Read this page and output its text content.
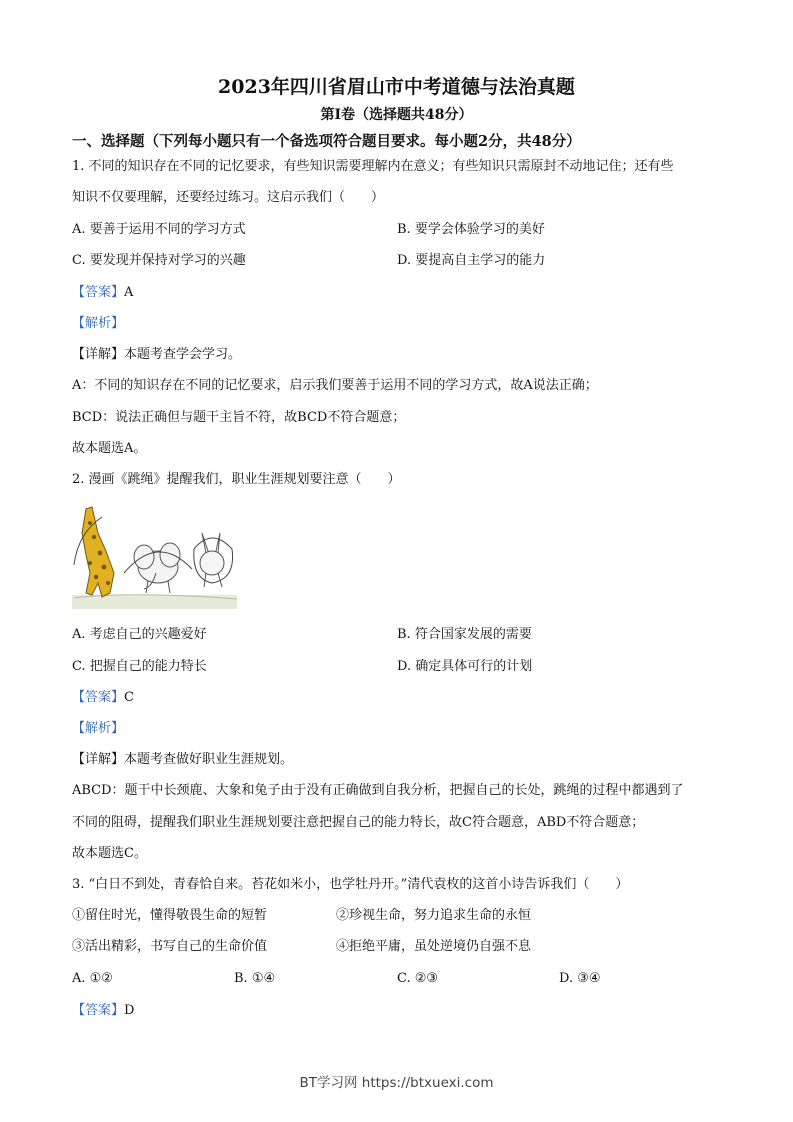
2023年四川省眉山市中考道德与法治真题
第I卷（选择题共48分）
一、选择题（下列每小题只有一个备选项符合题目要求。每小题2分，共48分）
1. 不同的知识存在不同的记忆要求，有些知识需要理解内在意义；有些知识只需原封不动地记住；还有些
知识不仅要理解，还要经过练习。这启示我们（　　）
A. 要善于运用不同的学习方式	B. 要学会体验学习的美好
C. 要发现并保持对学习的兴趣	D. 要提高自主学习的能力
【答案】A
【解析】
【详解】本题考查学会学习。
A：不同的知识存在不同的记忆要求，启示我们要善于运用不同的学习方式，故A说法正确；
BCD：说法正确但与题干主旨不符，故BCD不符合题意；
故本题选A。
2. 漫画《跳绳》提醒我们，职业生涯规划要注意（　　）
A. 考虑自己的兴趣爱好	B. 符合国家发展的需要
C. 把握自己的能力特长	D. 确定具体可行的计划
【答案】C
【解析】
【详解】本题考查做好职业生涯规划。
ABCD：题干中长颈鹿、大象和兔子由于没有正确做到自我分析，把握自己的长处，跳绳的过程中都遇到了
不同的阻碍，提醒我们职业生涯规划要注意把握自己的能力特长，故C符合题意，ABD不符合题意；
故本题选C。
3. “白日不到处，青春恰自来。苔花如米小，也学牡丹开。”清代袁枚的这首小诗告诉我们（　　）
①留住时光，懂得敬畏生命的短暂	②珍视生命，努力追求生命的永恒
③活出精彩，书写自己的生命价值	④拒绝平庸，虽处逆境仍自强不息
A. ①②	B. ①④	C. ②③	D. ③④
【答案】D
BT学习网 https://btxuexi.com
